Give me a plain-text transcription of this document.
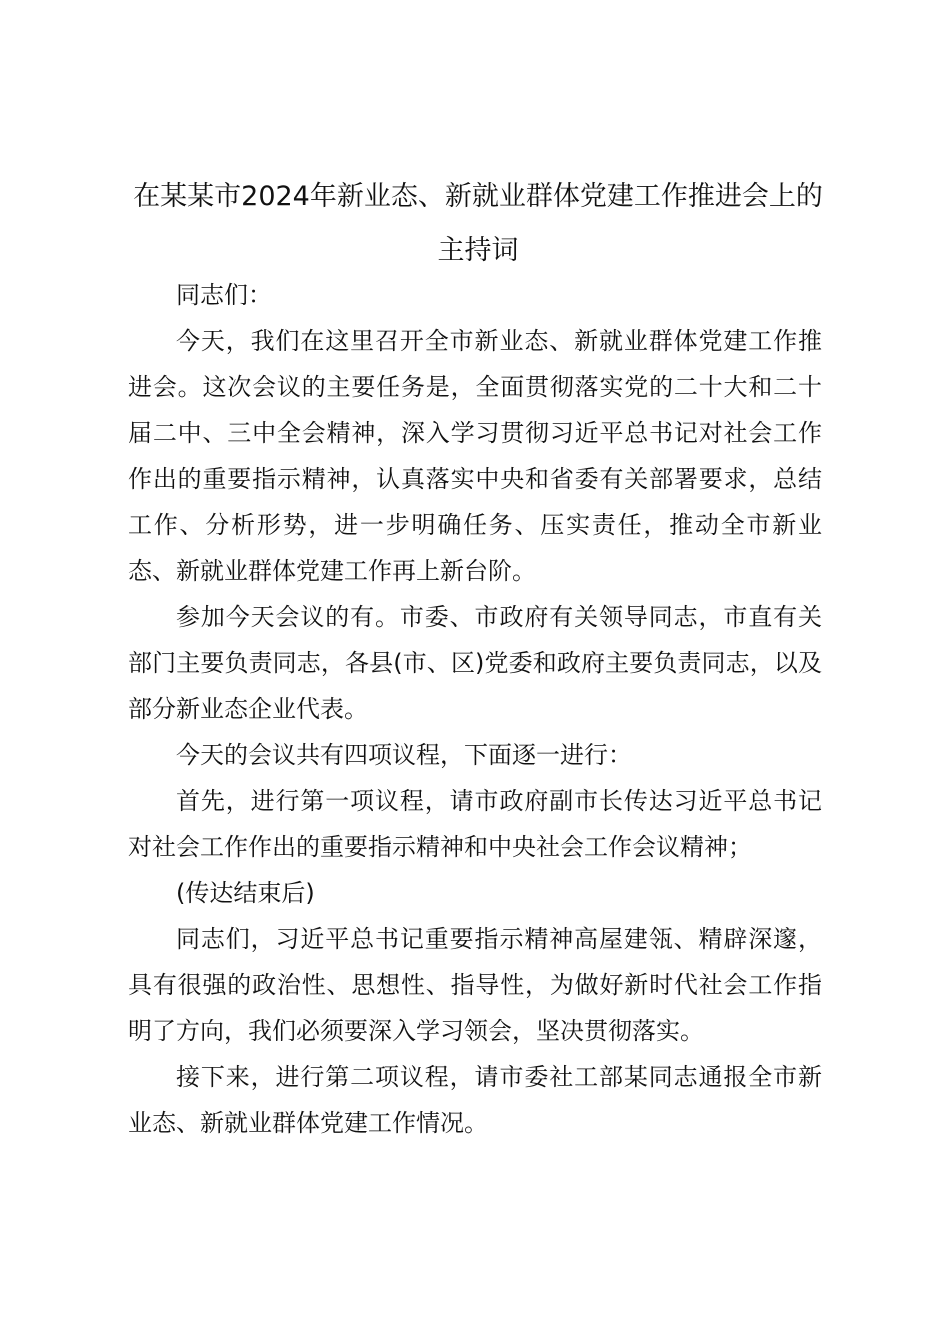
在某某市2024年新业态、新就业群体党建工作推进会上的主持词

同志们：

今天，我们在这里召开全市新业态、新就业群体党建工作推进会。这次会议的主要任务是，全面贯彻落实党的二十大和二十届二中、三中全会精神，深入学习贯彻习近平总书记对社会工作作出的重要指示精神，认真落实中央和省委有关部署要求，总结工作、分析形势，进一步明确任务、压实责任，推动全市新业态、新就业群体党建工作再上新台阶。

参加今天会议的有。市委、市政府有关领导同志，市直有关部门主要负责同志，各县(市、区)党委和政府主要负责同志，以及部分新业态企业代表。

今天的会议共有四项议程，下面逐一进行：

首先，进行第一项议程，请市政府副市长传达习近平总书记对社会工作作出的重要指示精神和中央社会工作会议精神；

(传达结束后)

同志们，习近平总书记重要指示精神高屋建瓴、精辟深邃，具有很强的政治性、思想性、指导性，为做好新时代社会工作指明了方向，我们必须要深入学习领会，坚决贯彻落实。

接下来，进行第二项议程，请市委社工部某同志通报全市新业态、新就业群体党建工作情况。
